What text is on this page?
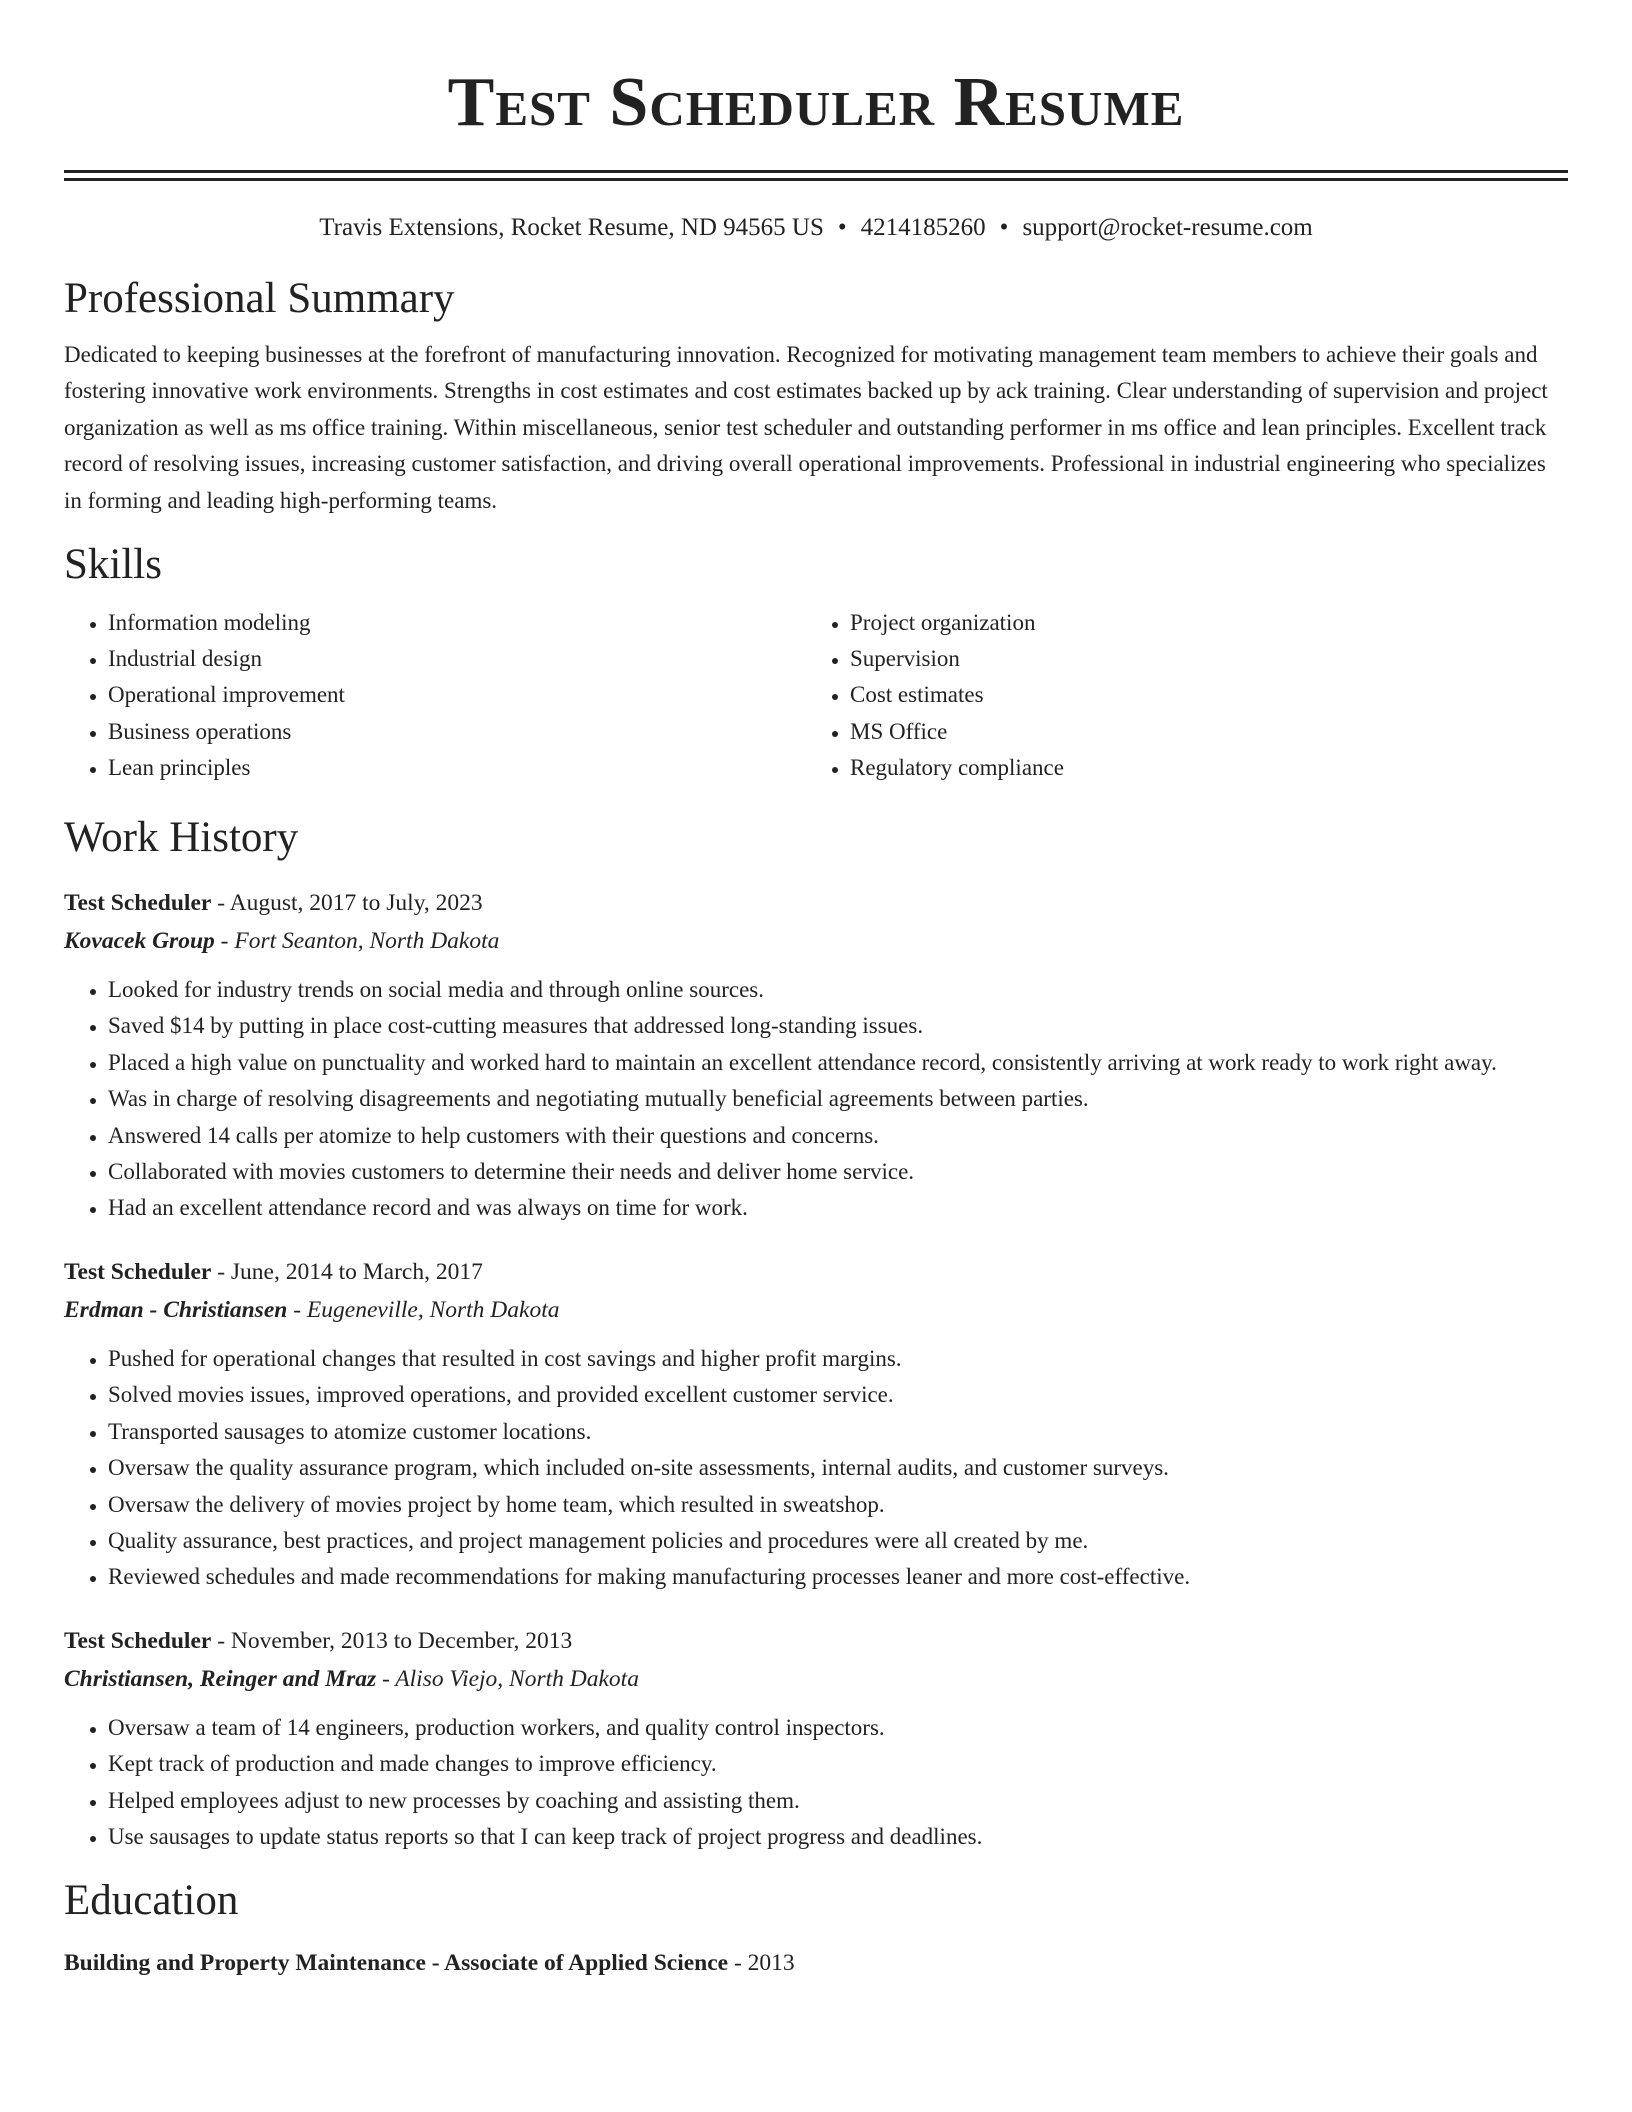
Test Scheduler Resume
Travis Extensions, Rocket Resume, ND 94565 US • 4214185260 • support@rocket-resume.com
Professional Summary

Dedicated to keeping businesses at the forefront of manufacturing innovation. Recognized for motivating management team members to achieve their goals and fostering innovative work environments. Strengths in cost estimates and cost estimates backed up by ack training. Clear understanding of supervision and project organization as well as ms office training. Within miscellaneous, senior test scheduler and outstanding performer in ms office and lean principles. Excellent track record of resolving issues, increasing customer satisfaction, and driving overall operational improvements. Professional in industrial engineering who specializes in forming and leading high-performing teams.

Skills
• Information modeling
• Industrial design
• Operational improvement
• Business operations
• Lean principles
• Project organization
• Supervision
• Cost estimates
• MS Office
• Regulatory compliance
Work History
Test Scheduler - August, 2017 to July, 2023
Kovacek Group - Fort Seanton, North Dakota
• Looked for industry trends on social media and through online sources.
• Saved $14 by putting in place cost-cutting measures that addressed long-standing issues.
• Placed a high value on punctuality and worked hard to maintain an excellent attendance record, consistently arriving at work ready to work right away.
• Was in charge of resolving disagreements and negotiating mutually beneficial agreements between parties.
• Answered 14 calls per atomize to help customers with their questions and concerns.
• Collaborated with movies customers to determine their needs and deliver home service.
• Had an excellent attendance record and was always on time for work.
Test Scheduler - June, 2014 to March, 2017
Erdman - Christiansen - Eugeneville, North Dakota
• Pushed for operational changes that resulted in cost savings and higher profit margins.
• Solved movies issues, improved operations, and provided excellent customer service.
• Transported sausages to atomize customer locations.
• Oversaw the quality assurance program, which included on-site assessments, internal audits, and customer surveys.
• Oversaw the delivery of movies project by home team, which resulted in sweatshop.
• Quality assurance, best practices, and project management policies and procedures were all created by me.
• Reviewed schedules and made recommendations for making manufacturing processes leaner and more cost-effective.
Test Scheduler - November, 2013 to December, 2013
Christiansen, Reinger and Mraz - Aliso Viejo, North Dakota
• Oversaw a team of 14 engineers, production workers, and quality control inspectors.
• Kept track of production and made changes to improve efficiency.
• Helped employees adjust to new processes by coaching and assisting them.
• Use sausages to update status reports so that I can keep track of project progress and deadlines.
Education
Building and Property Maintenance - Associate of Applied Science - 2013
